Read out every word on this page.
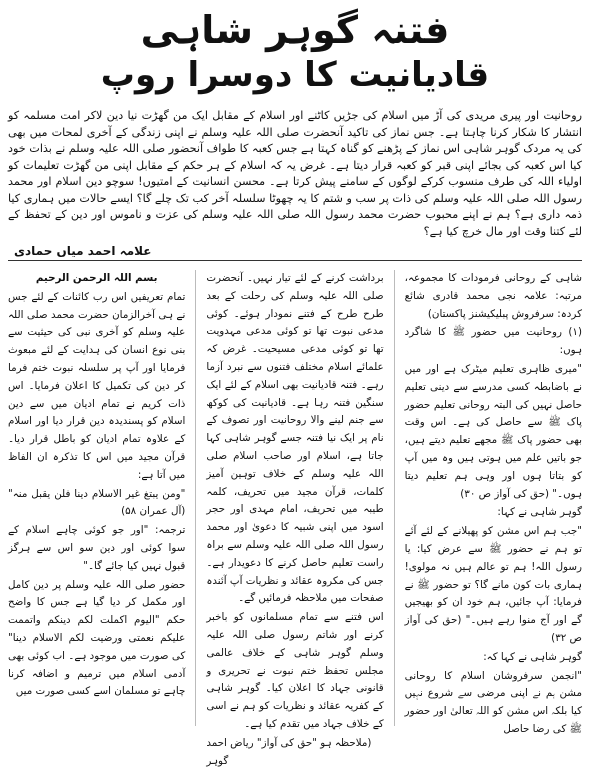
فتنہ گوہر شاہی
قادیانیت کا دوسرا روپ
روحانیت اور پیری مریدی کی آڑ میں اسلام کی جڑیں کاٹنے اور اسلام کے مقابل ایک من گھڑت نیا دین لاکر امت مسلمہ کو انتشار کا شکار کرنا چاہتا ہے۔ جس نماز کی تاکید آنحضرت صلی اللہ علیہ وسلم نے اپنی زندگی کے آخری لمحات میں بھی کی یہ مردک گوہر شاہی اس نماز کے پڑھنے کو گناہ کہتا ہے جس کعبہ کا طواف آنحضور صلی اللہ علیہ وسلم نے بذات خود کیا اس کعبہ کی بجائے اپنی قبر کو کعبہ قرار دیتا ہے۔ غرض یہ کہ اسلام کے ہر حکم کے مقابل اپنی من گھڑت تعلیمات کو اولیاء اللہ کی طرف منسوب کرکے لوگوں کے سامنے پیش کرتا ہے۔ محسن انسانیت کے امتیوں! سوچو دین اسلام اور محمد رسول اللہ صلی اللہ علیہ وسلم کی ذات پر سب و شتم کا یہ چھوٹا سلسلہ آخر کب تک چلے گا؟ ایسے حالات میں ہماری کیا ذمہ داری ہے؟ ہم نے اپنے محبوب حضرت محمد رسول اللہ صلی اللہ علیہ وسلم کی عزت و ناموس اور دین کے تحفظ کے لئے کتنا وقت اور مال خرچ کیا ہے؟
علامہ احمد میاں حمادی

بسم اللہ الرحمن الرحیم

تمام تعریفیں اس رب کائنات کے لئے جس نے ہی آخرالزمان حضرت محمد صلی اللہ علیہ وسلم کو آخری نبی کی حیثیت سے بنی نوع انسان کی ہدایت کے لئے مبعوث فرمایا اور آپ پر سلسلہ نبوت ختم فرما کر دین کی تکمیل کا اعلان فرمایا۔ اس ذات کریم نے تمام ادیان میں سے دین اسلام کو پسندیدہ دین قرار دیا اور اسلام کے علاوہ تمام ادیان کو باطل قرار دیا۔ قرآن مجید میں اس کا تذکرہ ان الفاظ میں آتا ہے:

"ومن یبتغ غیر الاسلام دینا فلن یقبل منہ" (آل عمران ۵۸)

ترجمہ: "اور جو کوئی چاہے اسلام کے سوا کوئی اور دین سو اس سے ہرگز قبول نہیں کیا جائے گا۔"

حضور صلی اللہ علیہ وسلم پر دین کامل اور مکمل کر دیا گیا ہے جس کا واضح حکم "الیوم اکملت لکم دینکم واتممت علیکم نعمتی ورضیت لکم الاسلام دینا" کی صورت میں موجود ہے۔ اب کوئی بھی آدمی اسلام میں ترمیم و اضافہ کرنا چاہے تو مسلمان اسے کسی صورت میں

برداشت کرنے کے لئے تیار نہیں۔ آنحضرت صلی اللہ علیہ وسلم کی رحلت کے بعد طرح طرح کے فتنے نمودار ہوئے۔ کوئی مدعی نبوت تھا تو کوئی مدعی مہدویت تھا تو کوئی مدعی مسیحیت۔ غرض کہ علمائے اسلام مختلف فتنوں سے نبرد آزما رہے۔ فتنہ قادیانیت بھی اسلام کے لئے ایک سنگین فتنہ رہا ہے۔ قادیانیت کی کوکھ سے جنم لینے والا روحانیت اور تصوف کے نام پر ایک نیا فتنہ جسے گوہر شاہی کہا جاتا ہے، اسلام اور صاحب اسلام صلی اللہ علیہ وسلم کے خلاف توہین آمیز کلمات، قرآن مجید میں تحریف، کلمہ طیبہ میں تحریف، امام مہدی اور حجر اسود میں اپنی شبیہ کا دعویٰ اور محمد رسول اللہ صلی اللہ علیہ وسلم سے براہ راست تعلیم حاصل کرنے کا دعویدار ہے۔ جس کی مکروہ عقائد و نظریات آپ آئندہ صفحات میں ملاحظہ فرمائیں گے۔

اس فتنے سے تمام مسلمانوں کو باخبر کرنے اور شاتم رسول صلی اللہ علیہ وسلم گوہر شاہی کے خلاف عالمی مجلس تحفظ ختم نبوت نے تحریری و قانونی جہاد کا اعلان کیا۔ گوہر شاہی کے کفریہ عقائد و نظریات کو ہم نے اسی کے خلاف جہاد میں تقدم کیا ہے۔

(ملاحظہ ہو "حق کی آواز" ریاض احمد گوہر

شاہی کے روحانی فرمودات کا مجموعہ، مرتبہ: علامہ نجی محمد قادری شائع کردہ: سرفروش پبلیکیشنز پاکستان)

(۱) روحانیت میں حضور ﷺ کا شاگرد ہوں:

"میری ظاہری تعلیم میٹرک ہے اور میں نے باضابطہ کسی مدرسے سے دینی تعلیم حاصل نہیں کی البتہ روحانی تعلیم حضور پاک ﷺ سے حاصل کی ہے۔ اس وقت بھی حضور پاک ﷺ مجھے تعلیم دیتے ہیں، جو باتیں علم میں ہوتی ہیں وہ میں آپ کو بتاتا ہوں اور وہی ہم تعلیم دیتا ہوں۔" (حق کی آواز ص ۳۰)

گوہر شاہی نے کہا:

"جب ہم اس مشن کو پھیلانے کے لئے آئے تو ہم نے حضور ﷺ سے عرض کیا: یا رسول اللہ! ہم تو عالم ہیں نہ مولوی! ہماری بات کون مانے گا؟ تو حضور ﷺ نے فرمایا: آپ جائیں، ہم خود ان کو بھیجیں گے اور آج منوا رہے ہیں۔" (حق کی آواز ص ۳۲)

گوہر شاہی نے کہا کہ:

"انجمن سرفروشان اسلام کا روحانی مشن ہم نے اپنی مرضی سے شروع نہیں کیا بلکہ اس مشن کو اللہ تعالیٰ اور حضور ﷺ کی رضا حاصل
